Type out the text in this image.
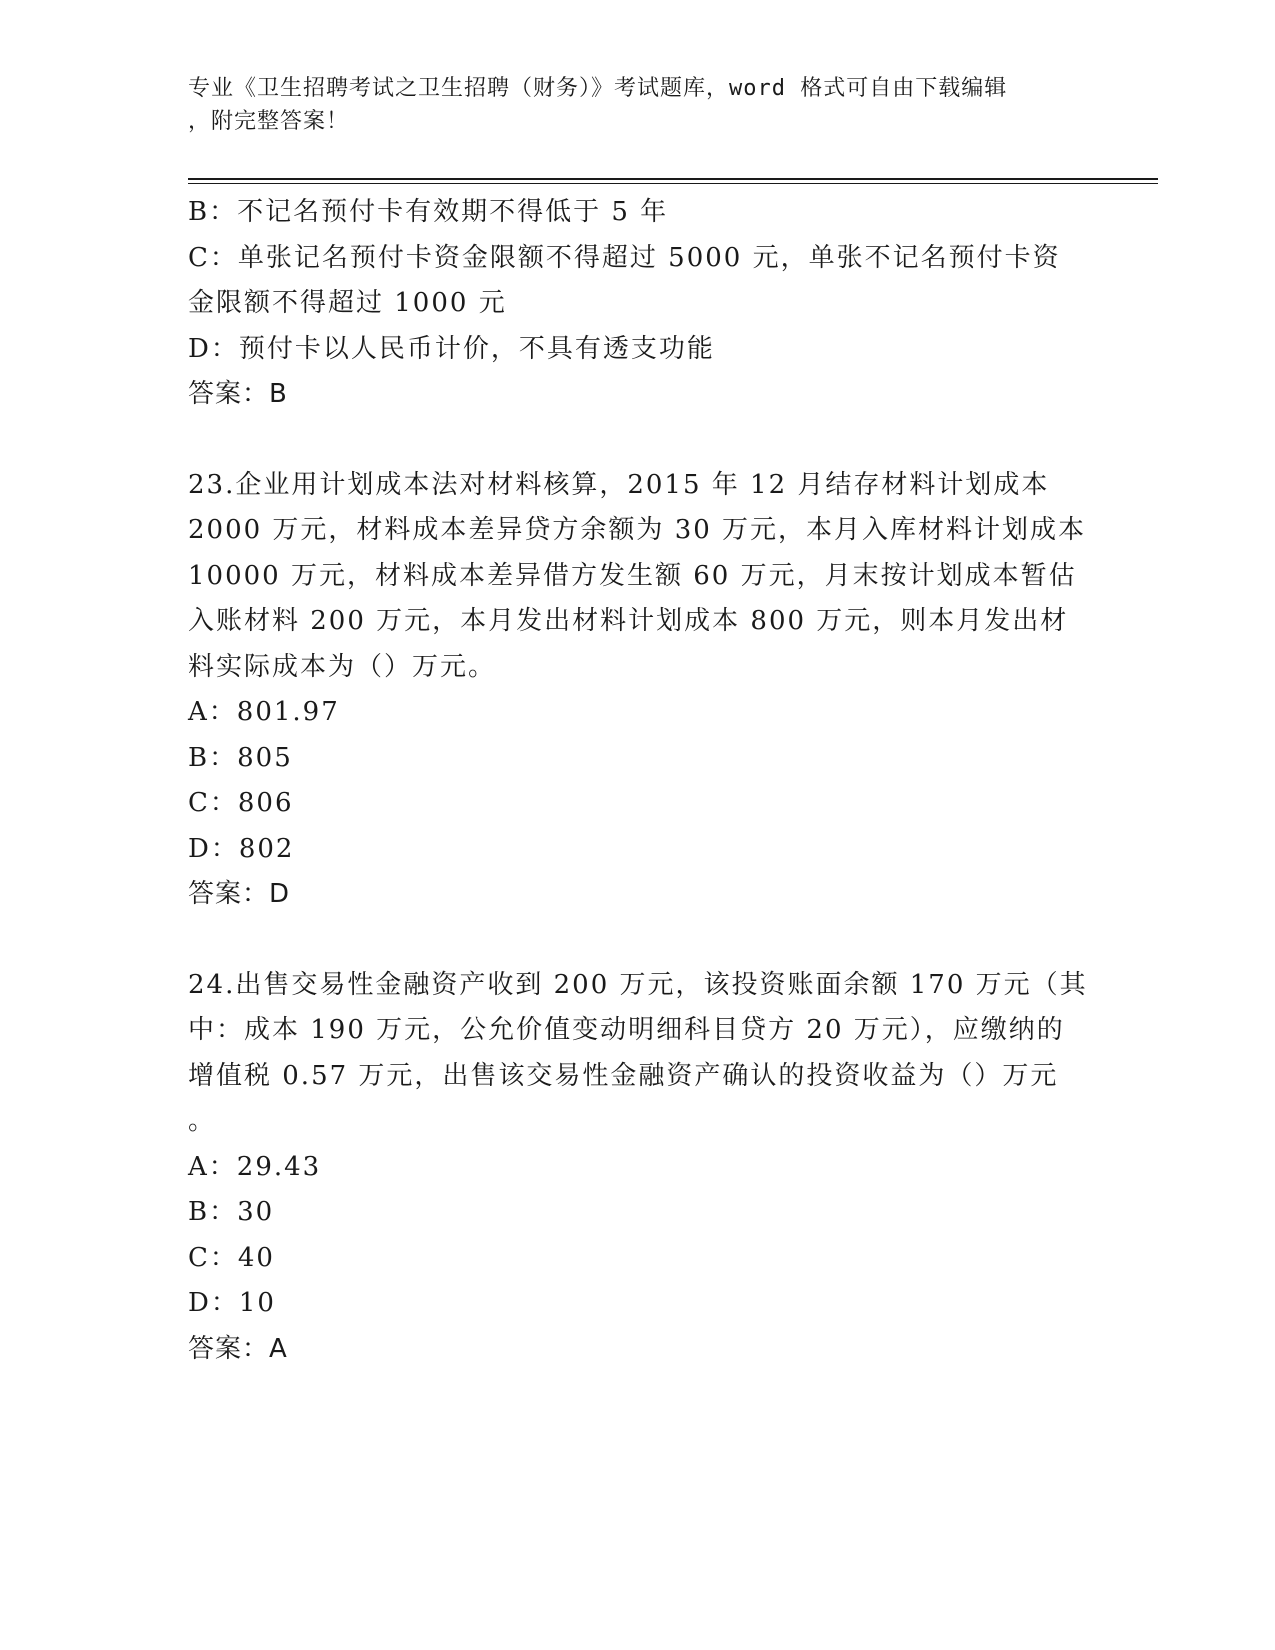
专业《卫生招聘考试之卫生招聘（财务）》考试题库，word 格式可自由下载编辑
，附完整答案！
B：不记名预付卡有效期不得低于 5 年
C：单张记名预付卡资金限额不得超过 5000 元，单张不记名预付卡资
金限额不得超过 1000 元
D：预付卡以人民币计价，不具有透支功能
答案：B
23.企业用计划成本法对材料核算，2015 年 12 月结存材料计划成本
2000 万元，材料成本差异贷方余额为 30 万元，本月入库材料计划成本
10000 万元，材料成本差异借方发生额 60 万元，月末按计划成本暂估
入账材料 200 万元，本月发出材料计划成本 800 万元，则本月发出材
料实际成本为（）万元。
A：801.97
B：805
C：806
D：802
答案：D
24.出售交易性金融资产收到 200 万元，该投资账面余额 170 万元（其
中：成本 190 万元，公允价值变动明细科目贷方 20 万元），应缴纳的
增值税 0.57 万元，出售该交易性金融资产确认的投资收益为（）万元
。
A：29.43
B：30
C：40
D：10
答案：A
